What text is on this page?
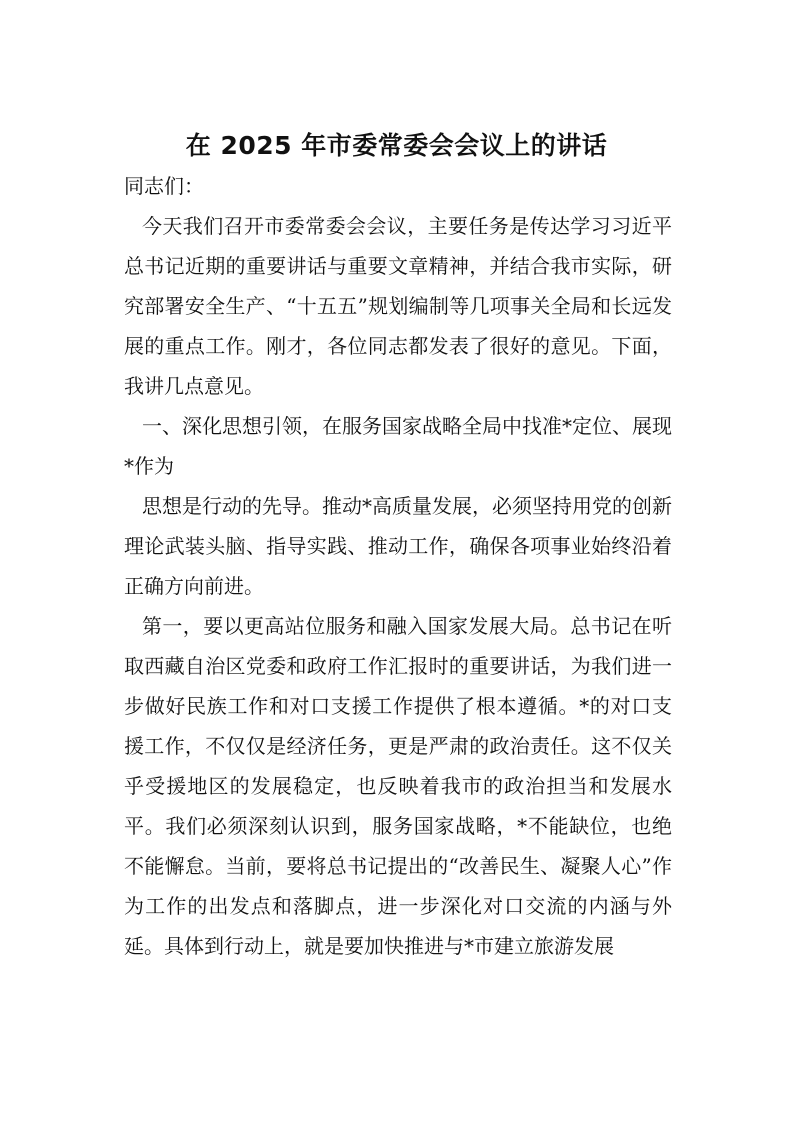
在 2025 年市委常委会会议上的讲话

同志们：

今天我们召开市委常委会会议，主要任务是传达学习习近平总书记近期的重要讲话与重要文章精神，并结合我市实际，研究部署安全生产、“十五五”规划编制等几项事关全局和长远发展的重点工作。刚才，各位同志都发表了很好的意见。下面，我讲几点意见。

一、深化思想引领，在服务国家战略全局中找准*定位、展现*作为

思想是行动的先导。推动*高质量发展，必须坚持用党的创新理论武装头脑、指导实践、推动工作，确保各项事业始终沿着正确方向前进。

第一，要以更高站位服务和融入国家发展大局。总书记在听取西藏自治区党委和政府工作汇报时的重要讲话，为我们进一步做好民族工作和对口支援工作提供了根本遵循。*的对口支援工作，不仅仅是经济任务，更是严肃的政治责任。这不仅关乎受援地区的发展稳定，也反映着我市的政治担当和发展水平。我们必须深刻认识到，服务国家战略，*不能缺位，也绝不能懈怠。当前，要将总书记提出的“改善民生、凝聚人心”作为工作的出发点和落脚点，进一步深化对口交流的内涵与外延。具体到行动上，就是要加快推进与*市建立旅游发展
